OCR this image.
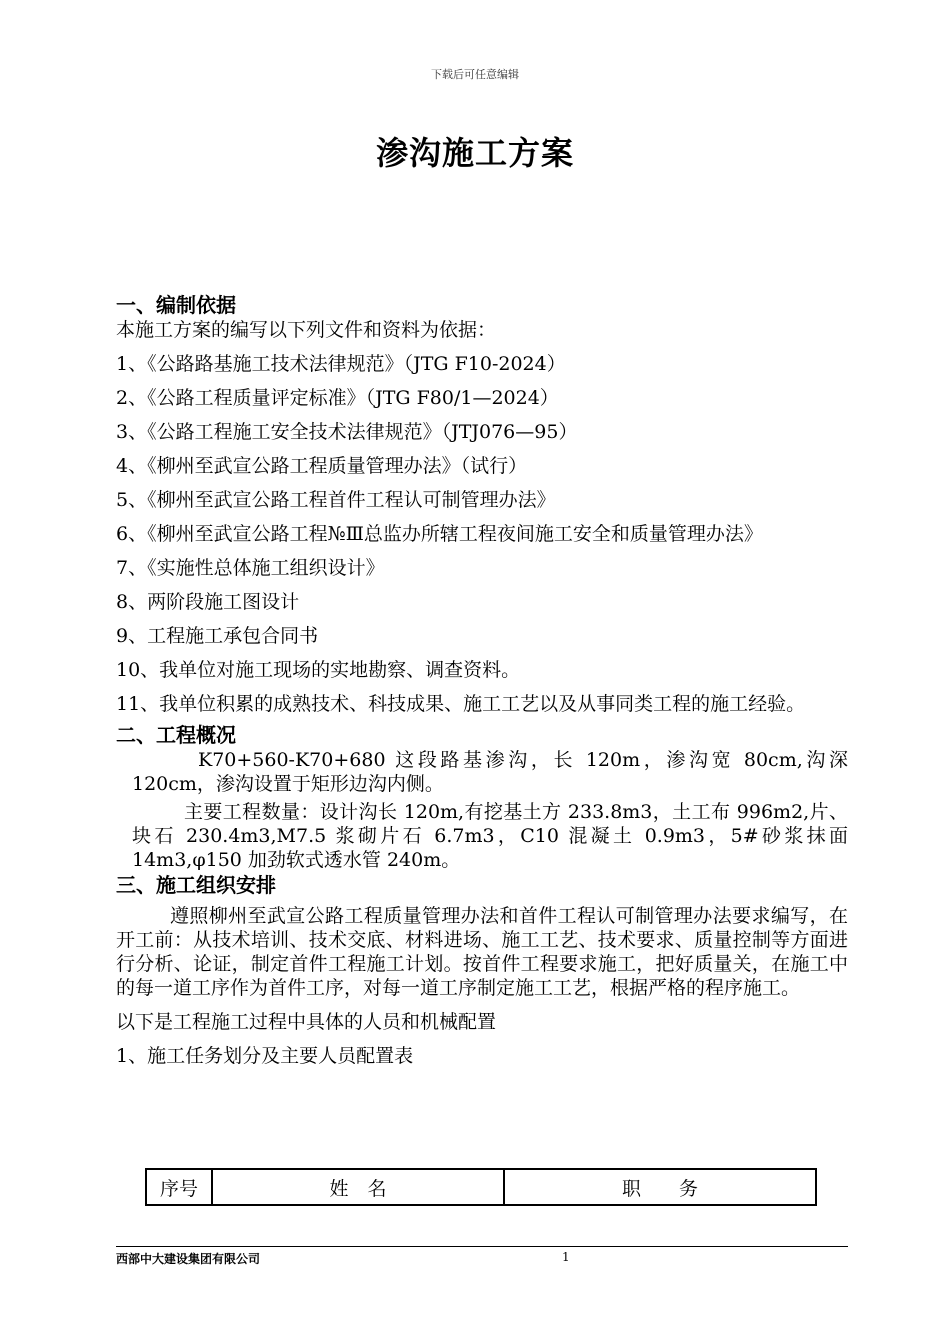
下载后可任意编辑
渗沟施工方案
一、编制依据

本施工方案的编写以下列文件和资料为依据：

1、《公路路基施工技术法律规范》（JTG F10-2024）

2、《公路工程质量评定标准》（JTG F80/1—2024）

3、《公路工程施工安全技术法律规范》（JTJ076—95）

4、《柳州至武宣公路工程质量管理办法》（试行）

5、《柳州至武宣公路工程首件工程认可制管理办法》

6、《柳州至武宣公路工程№Ⅲ总监办所辖工程夜间施工安全和质量管理办法》

7、《实施性总体施工组织设计》

8、两阶段施工图设计

9、工程施工承包合同书

10、我单位对施工现场的实地勘察、调查资料。

11、我单位积累的成熟技术、科技成果、施工工艺以及从事同类工程的施工经验。

二、工程概况

K70+560-K70+680 这段路基渗沟，长 120m，渗沟宽 80cm,沟深 120cm，渗沟设置于矩形边沟内侧。

主要工程数量：设计沟长 120m,有挖基土方 233.8m3，土工布 996m2,片、块石 230.4m3,M7.5 浆砌片石 6.7m3，C10 混凝土 0.9m3，5#砂浆抹面 14m3,φ150 加劲软式透水管 240m。

三、施工组织安排

遵照柳州至武宣公路工程质量管理办法和首件工程认可制管理办法要求编写，在开工前：从技术培训、技术交底、材料进场、施工工艺、技术要求、质量控制等方面进行分析、论证，制定首件工程施工计划。按首件工程要求施工，把好质量关，在施工中的每一道工序作为首件工序，对每一道工序制定施工工艺，根据严格的程序施工。

以下是工程施工过程中具体的人员和机械配置

1、施工任务划分及主要人员配置表

序号	姓　名	职　　务
西部中大建设集团有限公司	1
